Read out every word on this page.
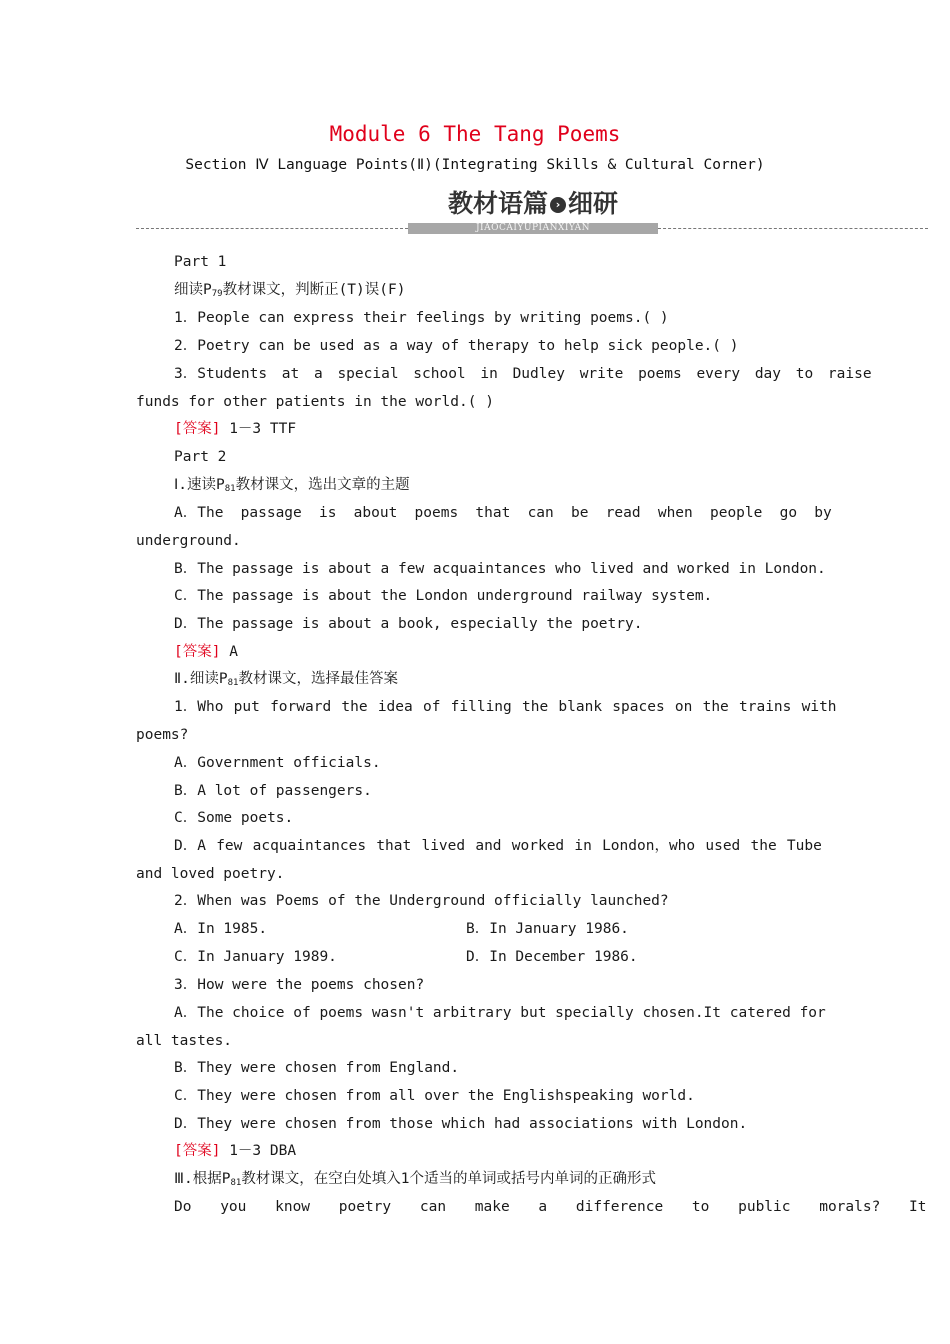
Module 6 The Tang Poems
Section Ⅳ Language Points(Ⅱ)(Integrating Skills & Cultural Corner)
教材语篇 › 细研
JIAOCAIYUPIANXIYAN
Part 1
细读$P_{79}$教材课文，判断正(T)误(F)
1．People can express their feelings by writing poems.( )
2．Poetry can be used as a way of therapy to help sick people.( )
3．Students at a special school in Dudley write poems every day to raise
funds for other patients in the world.( )
[答案] 1－3 TTF
Part 2
Ⅰ.速读$P_{81}$教材课文，选出文章的主题
A．The passage is about poems that can be read when people go by
underground.
B．The passage is about a few acquaintances who lived and worked in London.
C．The passage is about the London underground railway system.
D．The passage is about a book, especially the poetry.
[答案] A
Ⅱ.细读$P_{81}$教材课文，选择最佳答案
1．Who put forward the idea of filling the blank spaces on the trains with
poems?
A．Government officials.
B．A lot of passengers.
C．Some poets.
D．A few acquaintances that lived and worked in London，who used the Tube
and loved poetry.
2．When was Poems of the Underground officially launched?
A．In 1985.	B．In January 1986.
C．In January 1989.	D．In December 1986.
3．How were the poems chosen?
A．The choice of poems wasn't arbitrary but specially chosen.It catered for
all tastes.
B．They were chosen from England.
C．They were chosen from all over the Englishspeaking world.
D．They were chosen from those which had associations with London.
[答案] 1－3 DBA
Ⅲ.根据$P_{81}$教材课文，在空白处填入1个适当的单词或括号内单词的正确形式
Do you know poetry can make a difference to public morals? It
